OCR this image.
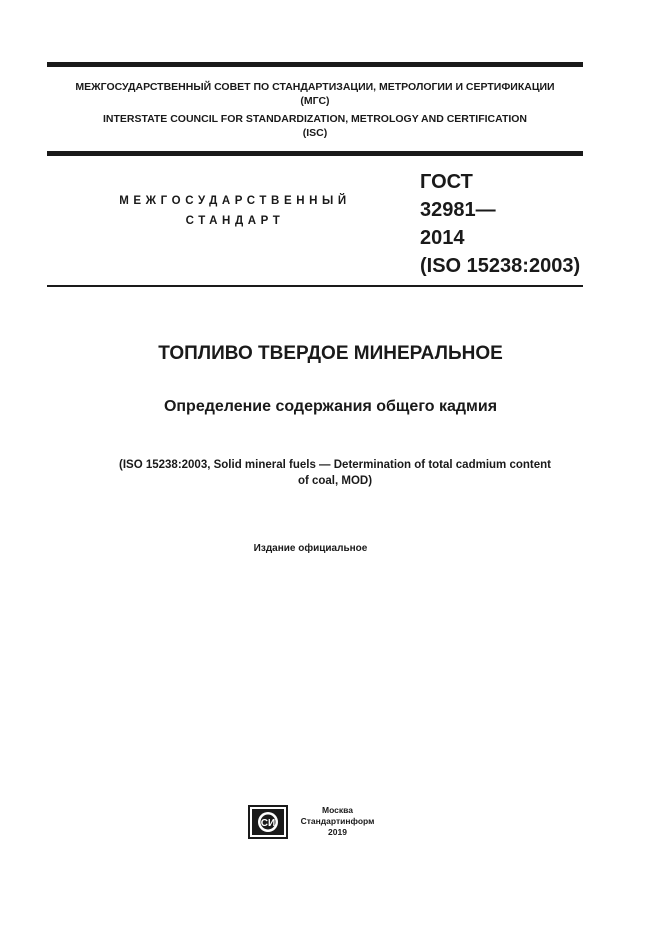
МЕЖГОСУДАРСТВЕННЫЙ СОВЕТ ПО СТАНДАРТИЗАЦИИ, МЕТРОЛОГИИ И СЕРТИФИКАЦИИ
(МГС)
INTERSTATE COUNCIL FOR STANDARDIZATION, METROLOGY AND CERTIFICATION
(ISC)
МЕЖГОСУДАРСТВЕННЫЙ
СТАНДАРТ
ГОСТ
32981—
2014
(ISO 15238:2003)
ТОПЛИВО ТВЕРДОЕ МИНЕРАЛЬНОЕ
Определение содержания общего кадмия
(ISO 15238:2003, Solid mineral fuels — Determination of total cadmium content
of coal, MOD)
Издание официальное
СИ
Москва
Стандартинформ
2019
